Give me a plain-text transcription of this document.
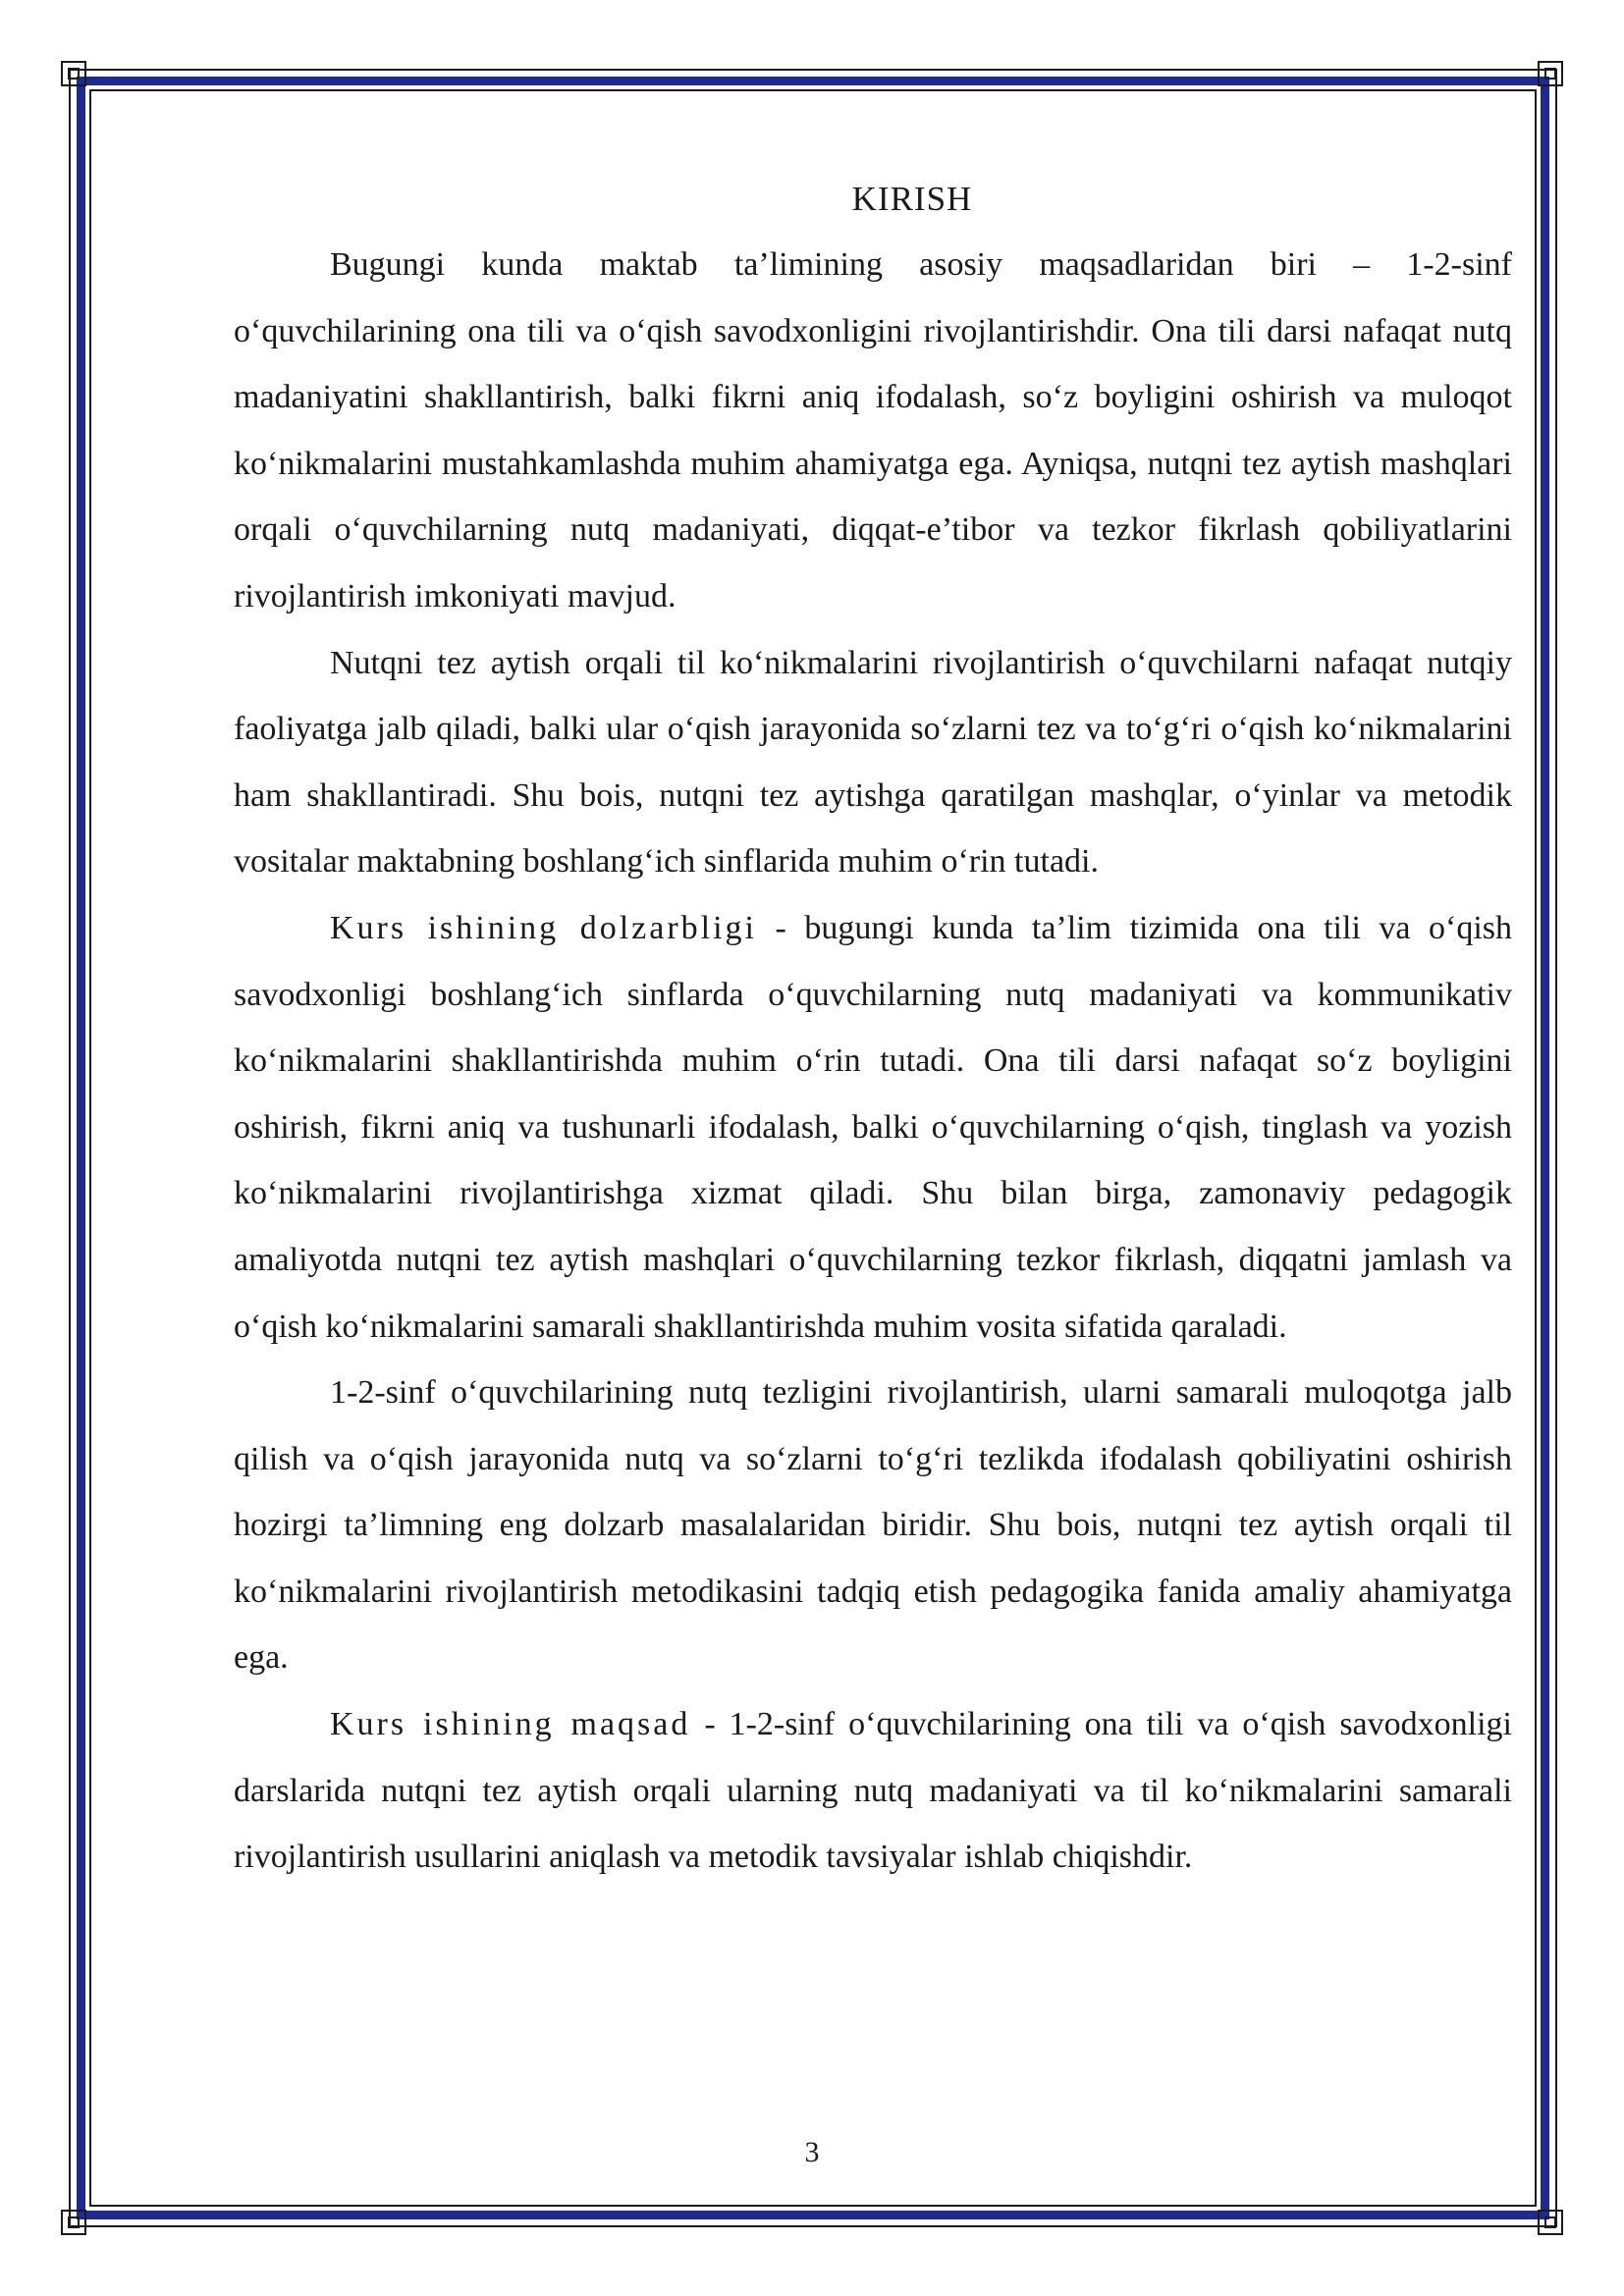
KIRISH

Bugungi kunda maktab ta’limining asosiy maqsadlaridan biri – 1-2-sinf o‘quvchilarining ona tili va o‘qish savodxonligini rivojlantirishdir. Ona tili darsi nafaqat nutq madaniyatini shakllantirish, balki fikrni aniq ifodalash, so‘z boyligini oshirish va muloqot ko‘nikmalarini mustahkamlashda muhim ahamiyatga ega. Ayniqsa, nutqni tez aytish mashqlari orqali o‘quvchilarning nutq madaniyati, diqqat-e’tibor va tezkor fikrlash qobiliyatlarini rivojlantirish imkoniyati mavjud.

Nutqni tez aytish orqali til ko‘nikmalarini rivojlantirish o‘quvchilarni nafaqat nutqiy faoliyatga jalb qiladi, balki ular o‘qish jarayonida so‘zlarni tez va to‘g‘ri o‘qish ko‘nikmalarini ham shakllantiradi. Shu bois, nutqni tez aytishga qaratilgan mashqlar, o‘yinlar va metodik vositalar maktabning boshlang‘ich sinflarida muhim o‘rin tutadi.

Kurs ishining dolzarbligi - bugungi kunda ta’lim tizimida ona tili va o‘qish savodxonligi boshlang‘ich sinflarda o‘quvchilarning nutq madaniyati va kommunikativ ko‘nikmalarini shakllantirishda muhim o‘rin tutadi. Ona tili darsi nafaqat so‘z boyligini oshirish, fikrni aniq va tushunarli ifodalash, balki o‘quvchilarning o‘qish, tinglash va yozish ko‘nikmalarini rivojlantirishga xizmat qiladi. Shu bilan birga, zamonaviy pedagogik amaliyotda nutqni tez aytish mashqlari o‘quvchilarning tezkor fikrlash, diqqatni jamlash va o‘qish ko‘nikmalarini samarali shakllantirishda muhim vosita sifatida qaraladi.

1-2-sinf o‘quvchilarining nutq tezligini rivojlantirish, ularni samarali muloqotga jalb qilish va o‘qish jarayonida nutq va so‘zlarni to‘g‘ri tezlikda ifodalash qobiliyatini oshirish hozirgi ta’limning eng dolzarb masalalaridan biridir. Shu bois, nutqni tez aytish orqali til ko‘nikmalarini rivojlantirish metodikasini tadqiq etish pedagogika fanida amaliy ahamiyatga ega.

Kurs ishining maqsad - 1-2-sinf o‘quvchilarining ona tili va o‘qish savodxonligi darslarida nutqni tez aytish orqali ularning nutq madaniyati va til ko‘nikmalarini samarali rivojlantirish usullarini aniqlash va metodik tavsiyalar ishlab chiqishdir.

3
